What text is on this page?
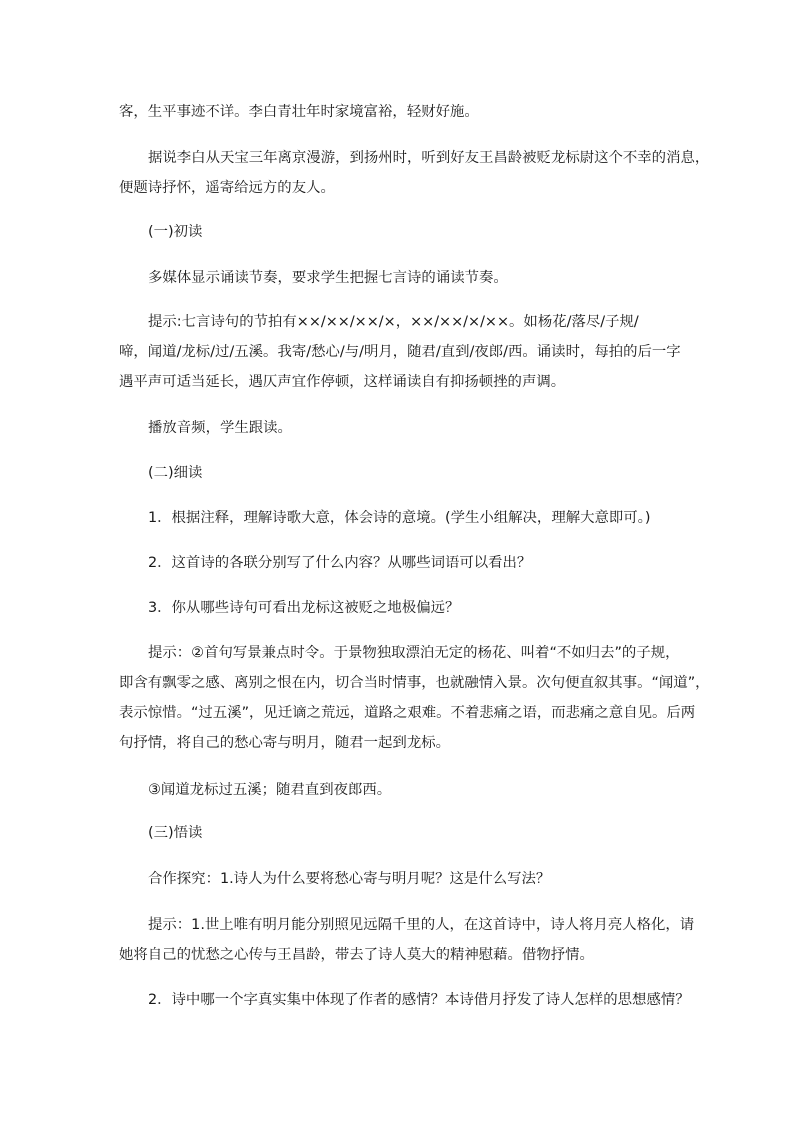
客，生平事迹不详。李白青壮年时家境富裕，轻财好施。

据说李白从天宝三年离京漫游，到扬州时，听到好友王昌龄被贬龙标尉这个不幸的消息，
便题诗抒怀，遥寄给远方的友人。

(一)初读

多媒体显示诵读节奏，要求学生把握七言诗的诵读节奏。

提示:七言诗句的节拍有××/××/××/×，××/××/×/××。如杨花/落尽/子规/
啼，闻道/龙标/过/五溪。我寄/愁心/与/明月，随君/直到/夜郎/西。诵读时，每拍的后一字
遇平声可适当延长，遇仄声宜作停顿，这样诵读自有抑扬顿挫的声调。

播放音频，学生跟读。

(二)细读

1．根据注释，理解诗歌大意，体会诗的意境。(学生小组解决，理解大意即可。)

2．这首诗的各联分别写了什么内容？从哪些词语可以看出？

3．你从哪些诗句可看出龙标这被贬之地极偏远？

提示：②首句写景兼点时令。于景物独取漂泊无定的杨花、叫着“不如归去”的子规，
即含有飘零之感、离别之恨在内，切合当时情事，也就融情入景。次句便直叙其事。“闻道”，
表示惊惜。“过五溪”，见迁谪之荒远，道路之艰难。不着悲痛之语，而悲痛之意自见。后两
句抒情，将自己的愁心寄与明月，随君一起到龙标。

③闻道龙标过五溪；随君直到夜郎西。

(三)悟读

合作探究：1.诗人为什么要将愁心寄与明月呢？这是什么写法？

提示：1.世上唯有明月能分别照见远隔千里的人，在这首诗中，诗人将月亮人格化，请
她将自己的忧愁之心传与王昌龄，带去了诗人莫大的精神慰藉。借物抒情。

2．诗中哪一个字真实集中体现了作者的感情？本诗借月抒发了诗人怎样的思想感情？
